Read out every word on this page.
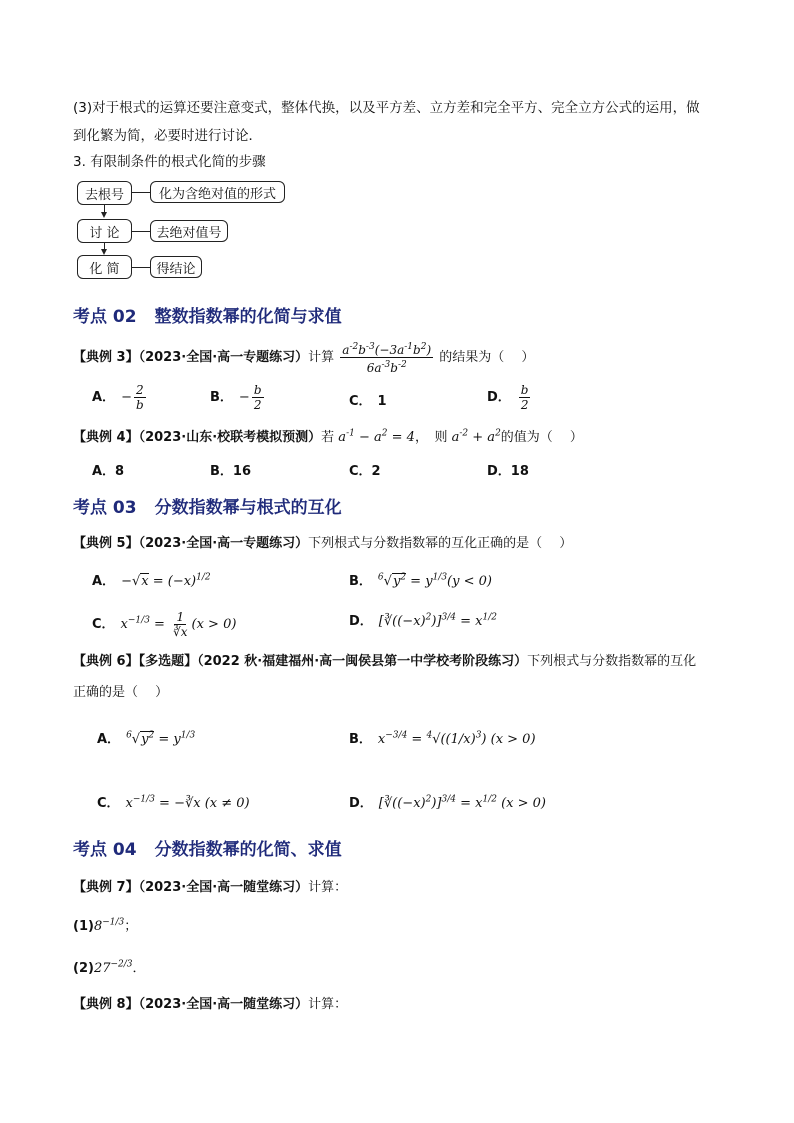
(3)对于根式的运算还要注意变式，整体代换，以及平方差、立方差和完全平方、完全立方公式的运用，做
到化繁为简，必要时进行讨论．
3. 有限制条件的根式化简的步骤
去根号
讨 论
化 简
化为含绝对值的形式
去绝对值号
得结论
考点 02 整数指数幂的化简与求值
【典例 3】（2023·全国·高一专题练习）计算 $\frac{a^{-2}b^{-3}(-3a^{-1}b^2)}{6a^{-3}b^{-2}}$ 的结果为（　 ）
A． − $\frac{2}{b}$	B． − $\frac{b}{2}$	C． 1	D． $\frac{b}{2}$
【典例 4】（2023·山东·校联考模拟预测）若 $a^{-1} - a^2 = 4$，　则 $a^{-2} + a^2$的值为（　 ）
A．8	B．16	C．2	D．18
考点 03 分数指数幂与根式的互化
【典例 5】（2023·全国·高一专题练习）下列根式与分数指数幂的互化正确的是（　 ）
A． $-√x = (-x)^{1/2}$	B． $^6√y^2 = y^{1/3}(y < 0)$
C． $x^{-1/3} = \frac{1}{∛x} (x > 0)$	D． $[∛((-x)^2)]^{3/4} = x^{1/2}$
【典例 6】【多选题】（2022 秋·福建福州·高一闽侯县第一中学校考阶段练习）下列根式与分数指数幂的互化
正确的是（　 ）
A． $^6√y^2 = y^{1/3}$	B． $x^{-3/4} = ^4√((1/x)^3) (x > 0)$
C． $x^{-1/3}$ = −∛x (x ≠ 0)	D． $[∛((-x)^2)]^{3/4} = x^{1/2}$ (x > 0)
考点 04 分数指数幂的化简、求值
【典例 7】（2023·全国·高一随堂练习）计算：
$(1)8^{-1/3}$；
$(2)27^{-2/3}$．
【典例 8】（2023·全国·高一随堂练习）计算：
